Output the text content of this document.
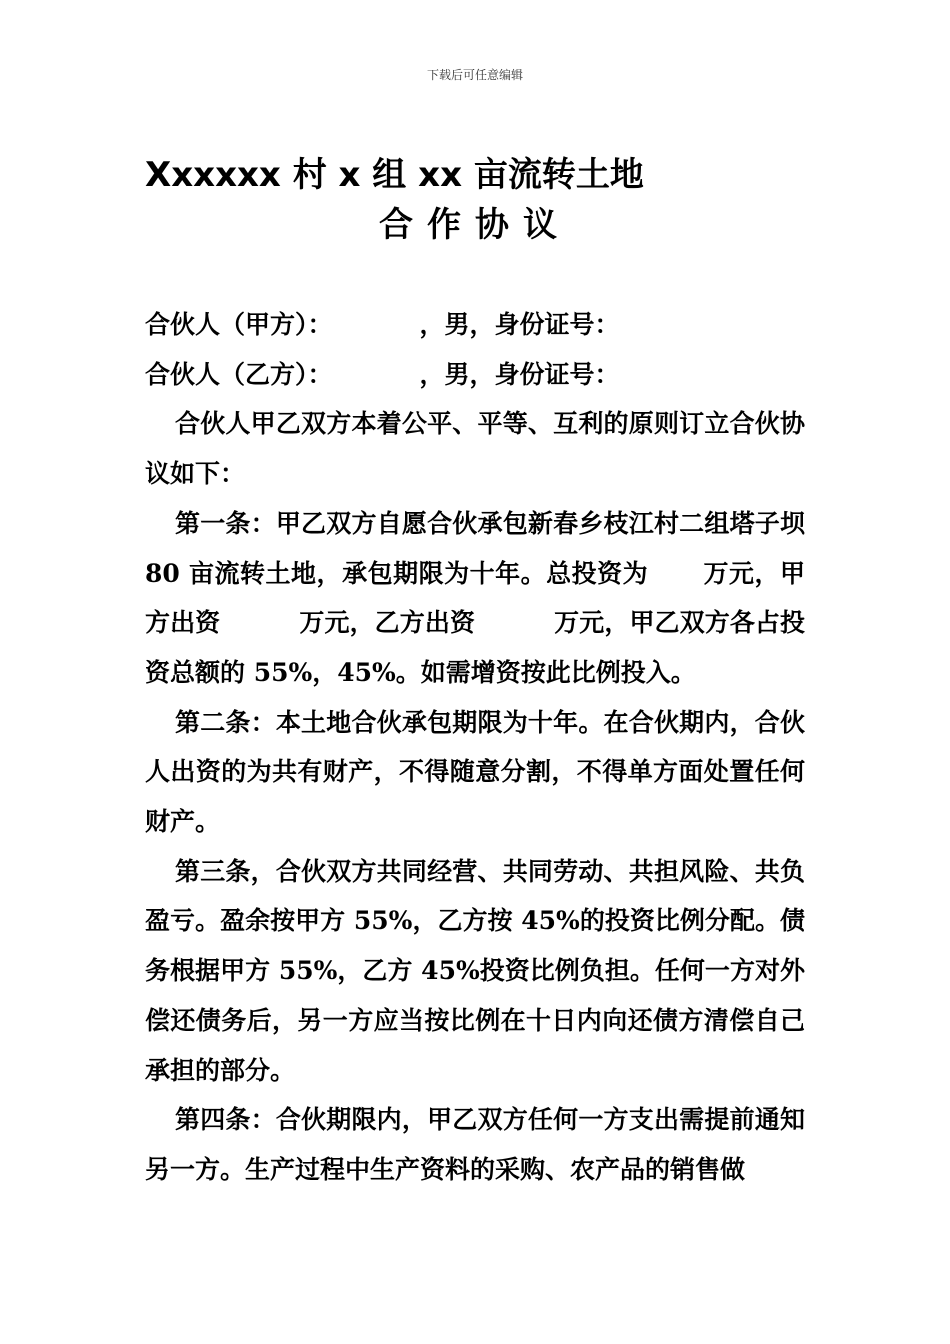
下载后可任意编辑
Xxxxxx 村 x 组 xx 亩流转土地
合作协议

合伙人（甲方）：          ，男，身份证号：

合伙人（乙方）：          ，男，身份证号：

合伙人甲乙双方本着公平、平等、互利的原则订立合伙协议如下：

第一条：甲乙双方自愿合伙承包新春乡枝江村二组塔子坝 80 亩流转土地，承包期限为十年。总投资为      万元，甲方出资         万元，乙方出资         万元，甲乙双方各占投资总额的 55%，45%。如需增资按此比例投入。

第二条：本土地合伙承包期限为十年。在合伙期内，合伙人出资的为共有财产，不得随意分割，不得单方面处置任何财产。

第三条，合伙双方共同经营、共同劳动、共担风险、共负盈亏。盈余按甲方 55%，乙方按 45%的投资比例分配。债务根据甲方 55%，乙方 45%投资比例负担。任何一方对外偿还债务后，另一方应当按比例在十日内向还债方清偿自己承担的部分。

第四条：合伙期限内，甲乙双方任何一方支出需提前通知另一方。生产过程中生产资料的采购、农产品的销售做
